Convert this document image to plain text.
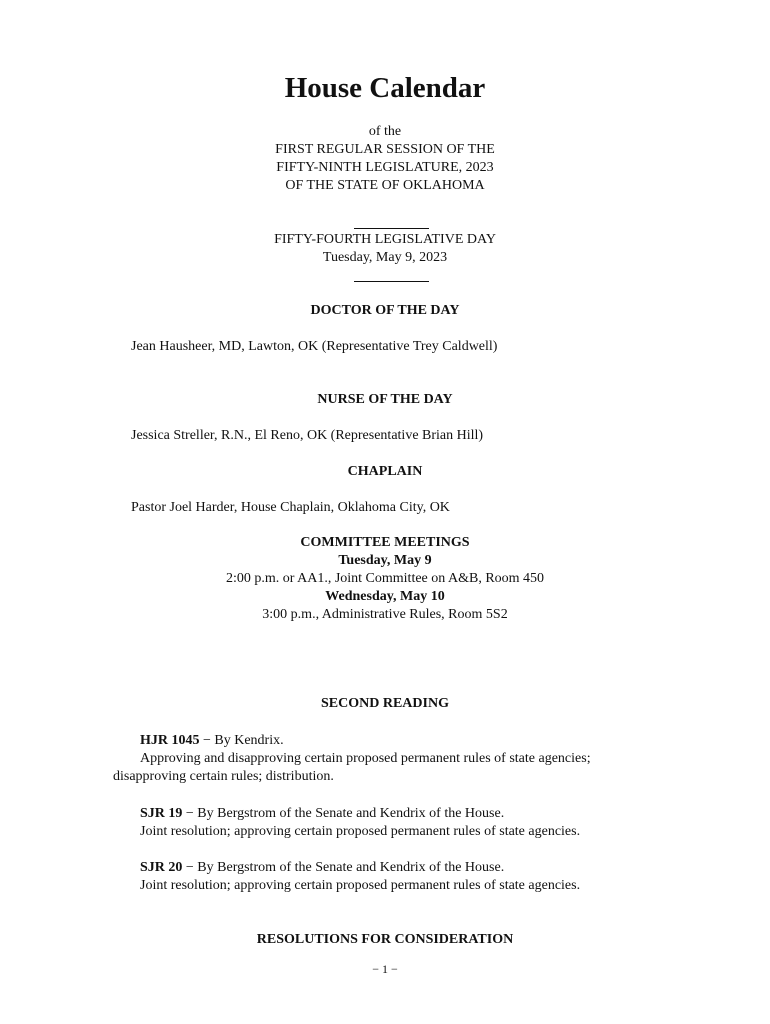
House Calendar
of the
FIRST REGULAR SESSION OF THE
FIFTY-NINTH LEGISLATURE, 2023
OF THE STATE OF OKLAHOMA
FIFTY-FOURTH LEGISLATIVE DAY
Tuesday, May 9, 2023
DOCTOR OF THE DAY
Jean Hausheer, MD, Lawton, OK (Representative Trey Caldwell)
NURSE OF THE DAY
Jessica Streller, R.N., El Reno, OK (Representative Brian Hill)
CHAPLAIN
Pastor Joel Harder, House Chaplain, Oklahoma City, OK
COMMITTEE MEETINGS
Tuesday, May 9
2:00 p.m. or AA1., Joint Committee on A&B, Room 450
Wednesday, May 10
3:00 p.m., Administrative Rules, Room 5S2
SECOND READING
HJR 1045 − By Kendrix.
Approving and disapproving certain proposed permanent rules of state agencies;
disapproving certain rules; distribution.
SJR 19 − By Bergstrom of the Senate and Kendrix of the House.
Joint resolution; approving certain proposed permanent rules of state agencies.
SJR 20 − By Bergstrom of the Senate and Kendrix of the House.
Joint resolution; approving certain proposed permanent rules of state agencies.
RESOLUTIONS FOR CONSIDERATION
− 1 −
